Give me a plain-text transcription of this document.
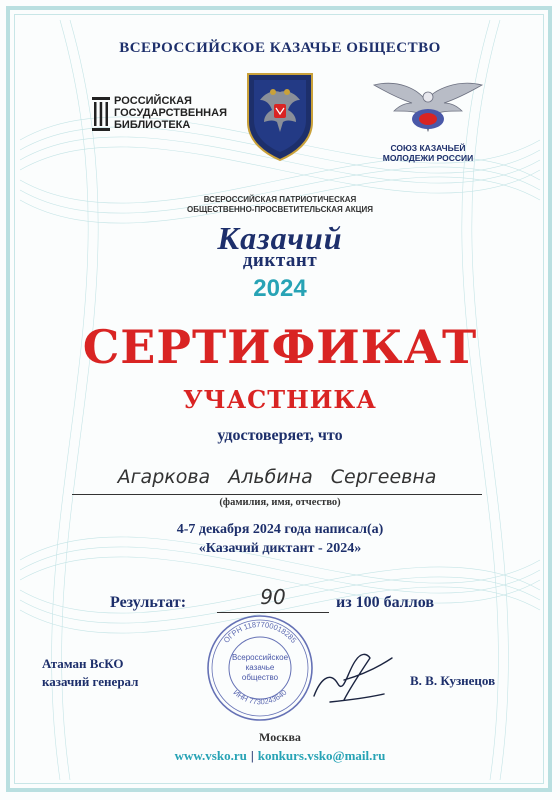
ВСЕРОССИЙСКОЕ КАЗАЧЬЕ ОБЩЕСТВО
РОССИЙСКАЯ
ГОСУДАРСТВЕННАЯ
БИБЛИОТЕКА
СОЮЗ КАЗАЧЬЕЙ
МОЛОДЕЖИ РОССИИ
ВСЕРОССИЙСКАЯ ПАТРИОТИЧЕСКАЯ
ОБЩЕСТВЕННО-ПРОСВЕТИТЕЛЬСКАЯ АКЦИЯ
Казачий
диктант
2024
СЕРТИФИКАТ
УЧАСТНИКА
удостоверяет, что
Агаркова Альбина Сергеевна
(фамилия, имя, отчество)
4-7 декабря 2024 года написал(а)
«Казачий диктант - 2024»
Результат:	90	из 100 баллов
Атаман ВсКО
казачий генерал
ОГРН 1187700018285
ИНН 7730243640
Всероссийское
казачье
общество	В. В. Кузнецов
Москва
www.vsko.ru | konkurs.vsko@mail.ru
